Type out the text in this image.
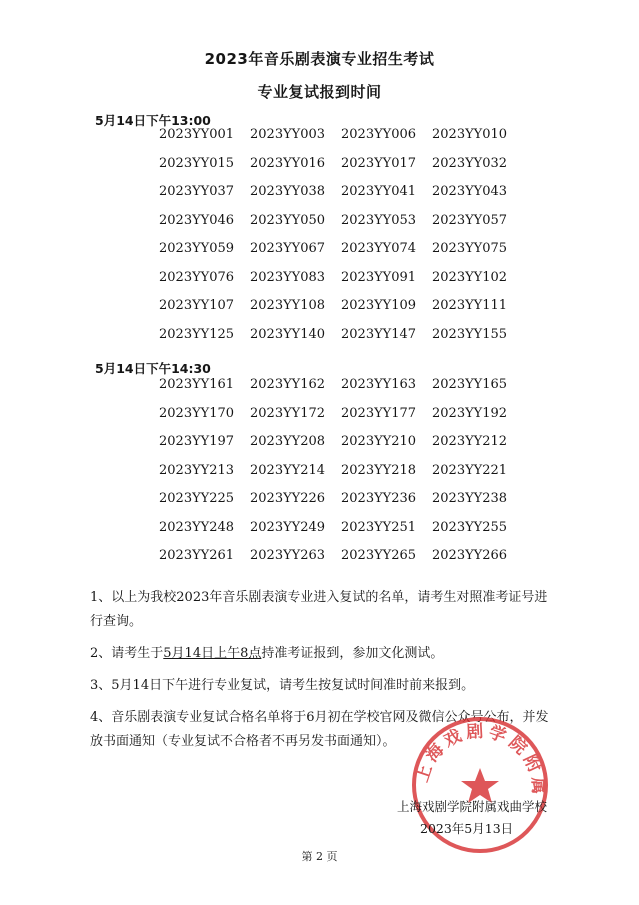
2023年音乐剧表演专业招生考试
专业复试报到时间
5月14日下午13:00
2023YY001	2023YY003	2023YY006	2023YY010
2023YY015	2023YY016	2023YY017	2023YY032
2023YY037	2023YY038	2023YY041	2023YY043
2023YY046	2023YY050	2023YY053	2023YY057
2023YY059	2023YY067	2023YY074	2023YY075
2023YY076	2023YY083	2023YY091	2023YY102
2023YY107	2023YY108	2023YY109	2023YY111
2023YY125	2023YY140	2023YY147	2023YY155
5月14日下午14:30
2023YY161	2023YY162	2023YY163	2023YY165
2023YY170	2023YY172	2023YY177	2023YY192
2023YY197	2023YY208	2023YY210	2023YY212
2023YY213	2023YY214	2023YY218	2023YY221
2023YY225	2023YY226	2023YY236	2023YY238
2023YY248	2023YY249	2023YY251	2023YY255
2023YY261	2023YY263	2023YY265	2023YY266
1、以上为我校2023年音乐剧表演专业进入复试的名单，请考生对照准考证号进行查询。
2、请考生于5月14日上午8点持准考证报到，参加文化测试。
3、5月14日下午进行专业复试，请考生按复试时间准时前来报到。
4、音乐剧表演专业复试合格名单将于6月初在学校官网及微信公众号公布，并发放书面通知（专业复试不合格者不再另发书面通知）。
上海戏剧学院附属
上海戏剧学院附属戏曲学校
2023年5月13日
第 2 页
